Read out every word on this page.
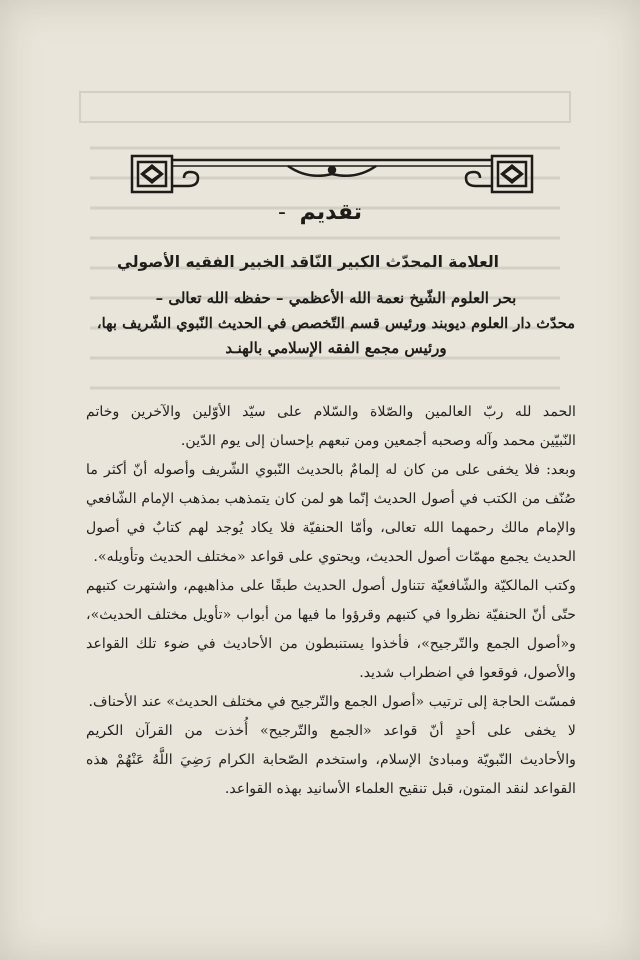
تقديم -
العلامة المحدّث الكبير النّاقد الخبير الفقيه الأصولي
بحر العلوم الشّيخ نعمة الله الأعظمي – حفظه الله تعالى –
محدّث دار العلوم ديوبند ورئيس قسم التّخصص في الحديث النّبوي الشّريف بها،
ورئيس مجمع الفقه الإسلامي بالهنـد

الحمد لله ربّ العالمين والصّلاة والسّلام على سيّد الأوّلين والآخرين وخاتم
النّبيّين محمد وآله وصحبه أجمعين ومن تبعهم بإحسان إلى يوم الدّين.

وبعد: فلا يخفى على من كان له إلمامٌ بالحديث النّبوي الشّريف وأصوله أنّ أكثر ما
صُنّف من الكتب في أصول الحديث إنّما هو لمن كان يتمذهب بمذهب الإمام الشّافعي
والإمام مالك رحمهما الله تعالى، وأمّا الحنفيّة فلا يكاد يُوجد لهم كتابٌ في أصول
الحديث يجمع مهمّات أصول الحديث، ويحتوي على قواعد «مختلف الحديث وتأويله».

وكتب المالكيّة والشّافعيّة تتناول أصول الحديث طبقًا على مذاهبهم، واشتهرت كتبهم
حتّى أنّ الحنفيّة نظروا في كتبهم وقرؤوا ما فيها من أبواب «تأويل مختلف الحديث»،
و«أصول الجمع والتّرجيح»، فأخذوا يستنبطون من الأحاديث في ضوء تلك القواعد
والأصول، فوقعوا في اضطراب شديد.

فمسّت الحاجة إلى ترتيب «أصول الجمع والتّرجيح في مختلف الحديث» عند الأحناف.

لا يخفى على أحدٍ أنّ قواعد «الجمع والتّرجيح» أُخذت من القرآن الكريم
والأحاديث النّبويّة ومبادئ الإسلام، واستخدم الصّحابة الكرام رَضِيَ اللَّهُ عَنْهُمْ هذه
القواعد لنقد المتون، قبل تنقيح العلماء الأسانيد بهذه القواعد.
